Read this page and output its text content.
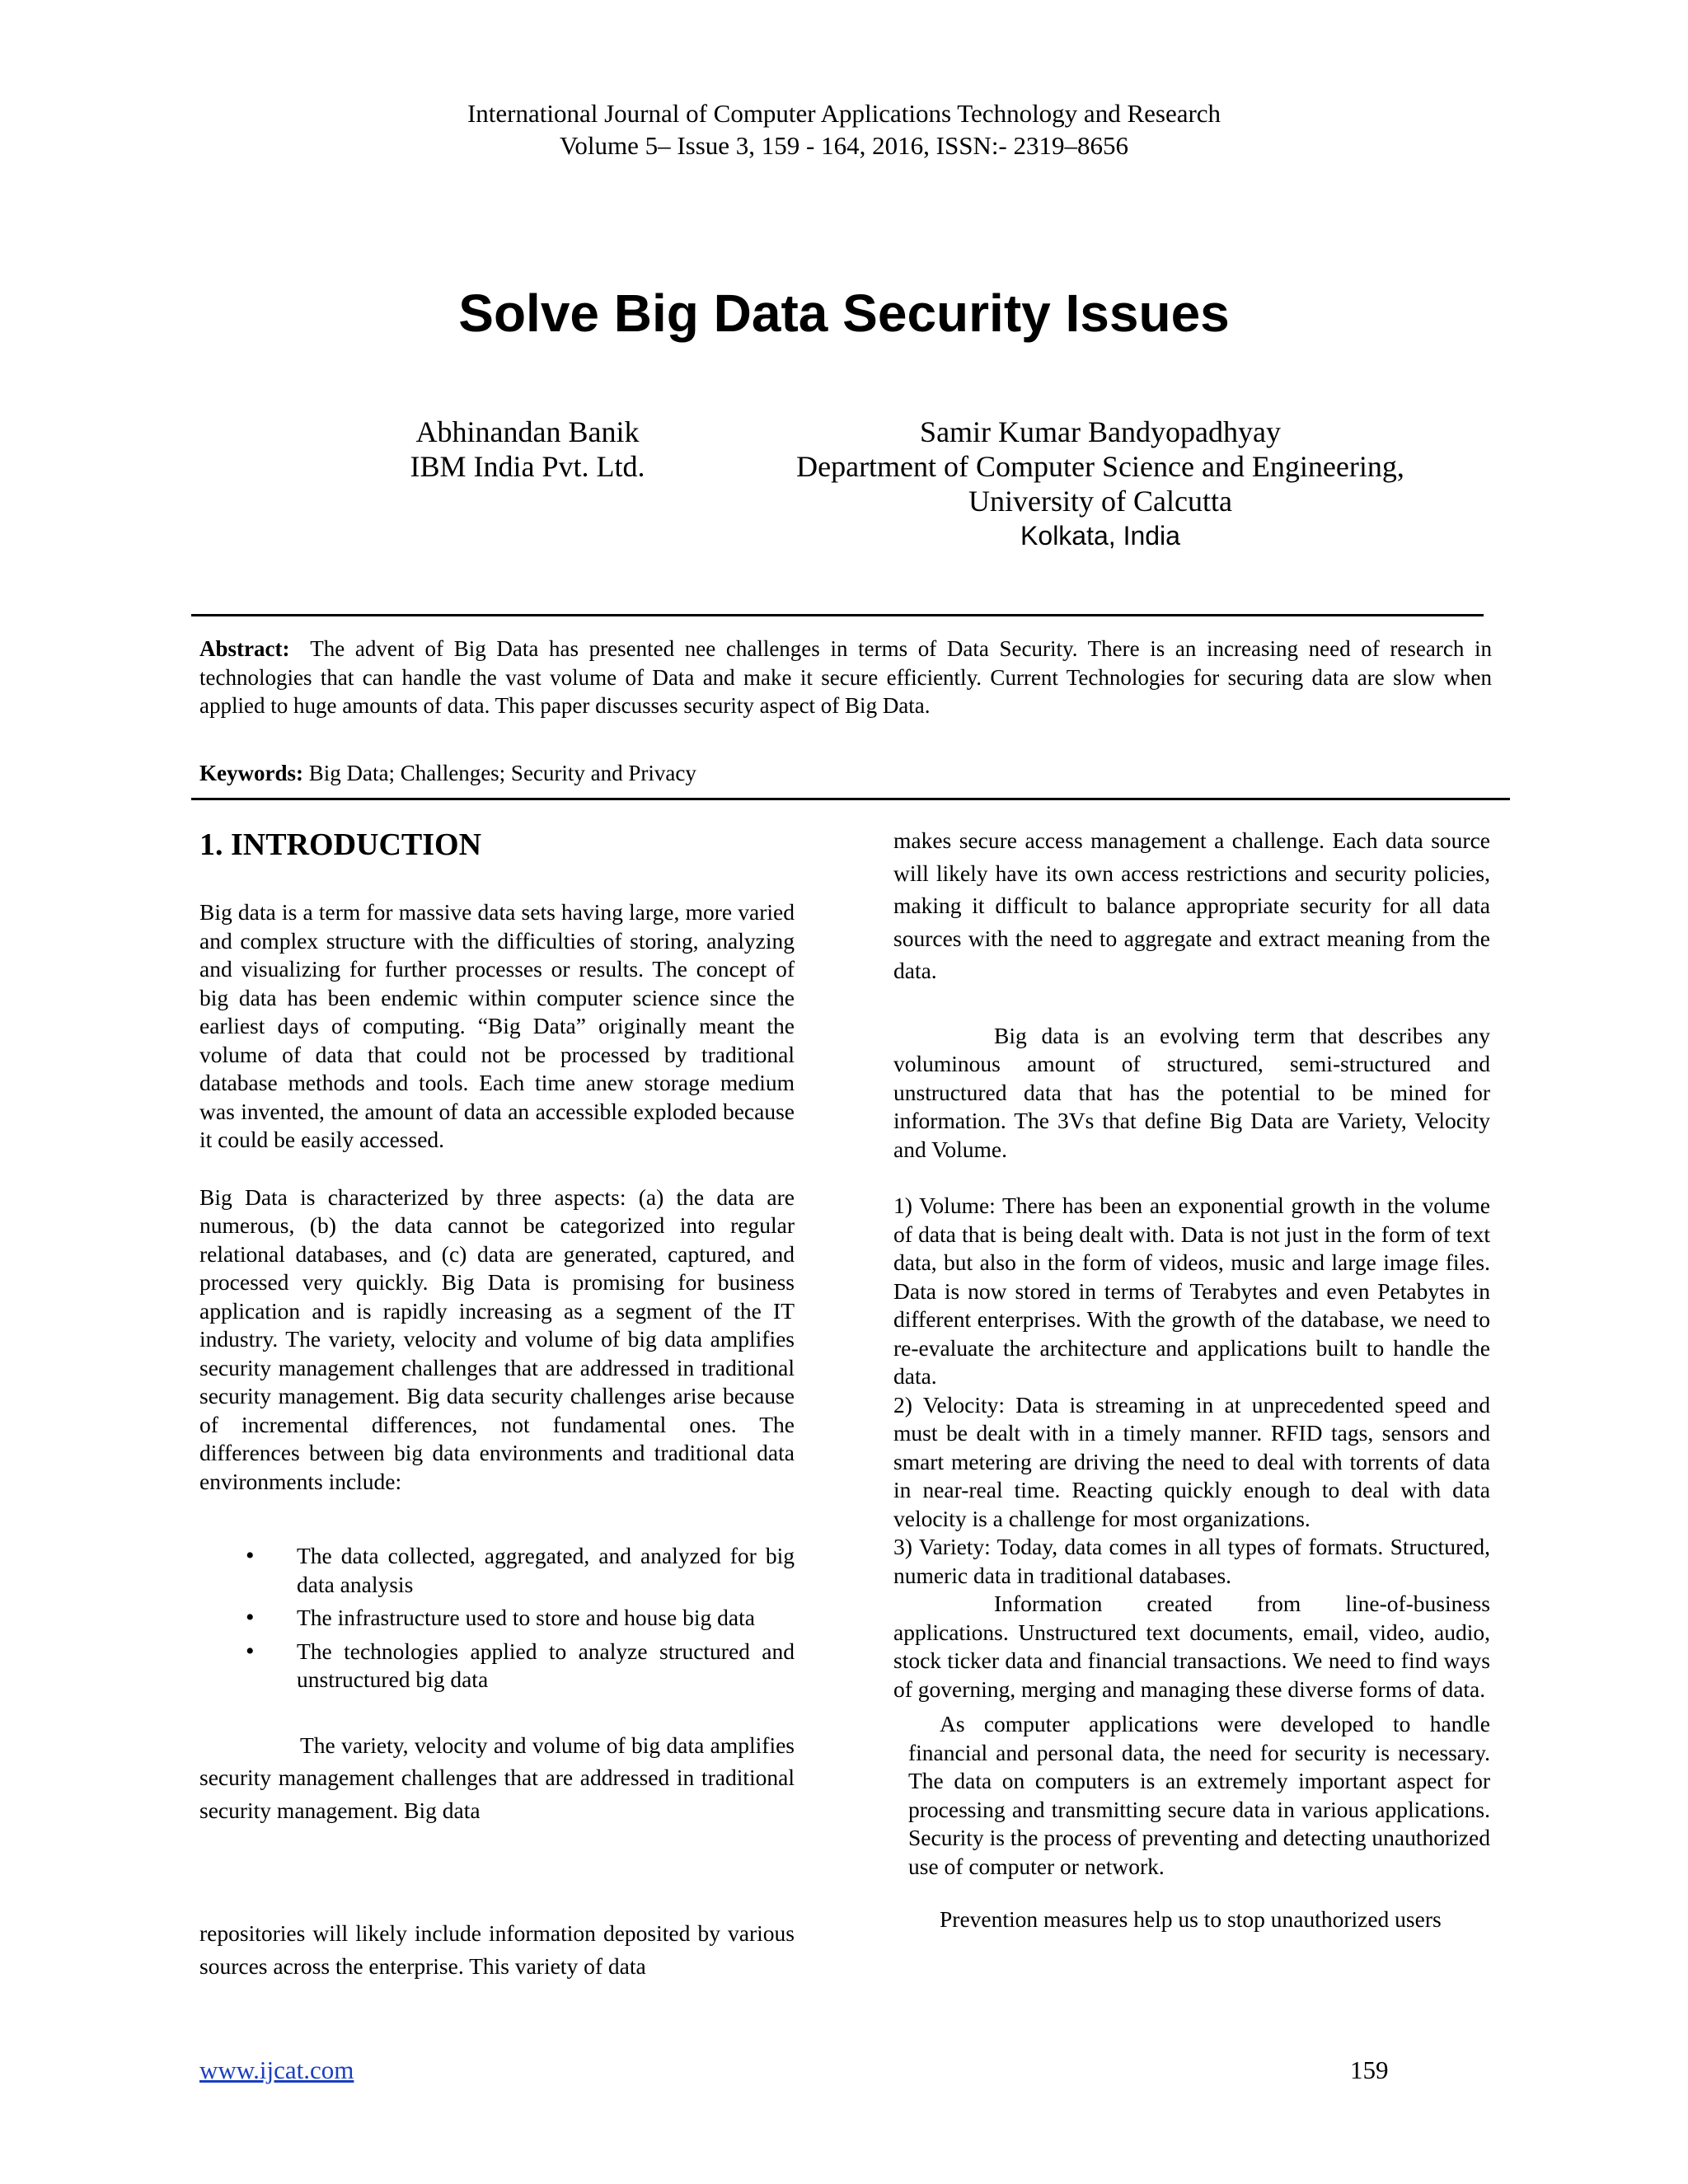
International Journal of Computer Applications Technology and Research
Volume 5– Issue 3, 159 - 164, 2016, ISSN:- 2319–8656
Solve Big Data Security Issues
Abhinandan Banik
IBM India Pvt. Ltd.
Samir Kumar Bandyopadhyay
Department of Computer Science and Engineering,
University of Calcutta
Kolkata, India
Abstract: The advent of Big Data has presented nee challenges in terms of Data Security. There is an increasing need of research in technologies that can handle the vast volume of Data and make it secure efficiently. Current Technologies for securing data are slow when applied to huge amounts of data. This paper discusses security aspect of Big Data.
Keywords: Big Data; Challenges; Security and Privacy
1. INTRODUCTION

Big data is a term for massive data sets having large, more varied and complex structure with the difficulties of storing, analyzing and visualizing for further processes or results. The concept of big data has been endemic within computer science since the earliest days of computing. “Big Data” originally meant the volume of data that could not be processed by traditional database methods and tools. Each time anew storage medium was invented, the amount of data an accessible exploded because it could be easily accessed.

Big Data is characterized by three aspects: (a) the data are numerous, (b) the data cannot be categorized into regular relational databases, and (c) data are generated, captured, and processed very quickly. Big Data is promising for business application and is rapidly increasing as a segment of the IT industry. The variety, velocity and volume of big data amplifies security management challenges that are addressed in traditional security management. Big data security challenges arise because of incremental differences, not fundamental ones. The differences between big data environments and traditional data environments include:

• The data collected, aggregated, and analyzed for big data analysis
• The infrastructure used to store and house big data
• The technologies applied to analyze structured and unstructured big data

The variety, velocity and volume of big data amplifies security management challenges that are addressed in traditional security management. Big data

repositories will likely include information deposited by various sources across the enterprise. This variety of data

makes secure access management a challenge. Each data source will likely have its own access restrictions and security policies, making it difficult to balance appropriate security for all data sources with the need to aggregate and extract meaning from the data.

Big data is an evolving term that describes any voluminous amount of structured, semi-structured and unstructured data that has the potential to be mined for information. The 3Vs that define Big Data are Variety, Velocity and Volume.

1) Volume: There has been an exponential growth in the volume of data that is being dealt with. Data is not just in the form of text data, but also in the form of videos, music and large image files. Data is now stored in terms of Terabytes and even Petabytes in different enterprises. With the growth of the database, we need to re-evaluate the architecture and applications built to handle the data.

2) Velocity: Data is streaming in at unprecedented speed and must be dealt with in a timely manner. RFID tags, sensors and smart metering are driving the need to deal with torrents of data in near-real time. Reacting quickly enough to deal with data velocity is a challenge for most organizations.

3) Variety: Today, data comes in all types of formats. Structured, numeric data in traditional databases.

Information created from line-of-business applications. Unstructured text documents, email, video, audio, stock ticker data and financial transactions. We need to find ways of governing, merging and managing these diverse forms of data.

As computer applications were developed to handle financial and personal data, the need for security is necessary. The data on computers is an extremely important aspect for processing and transmitting secure data in various applications. Security is the process of preventing and detecting unauthorized use of computer or network.

Prevention measures help us to stop unauthorized users

www.ijcat.com	159
